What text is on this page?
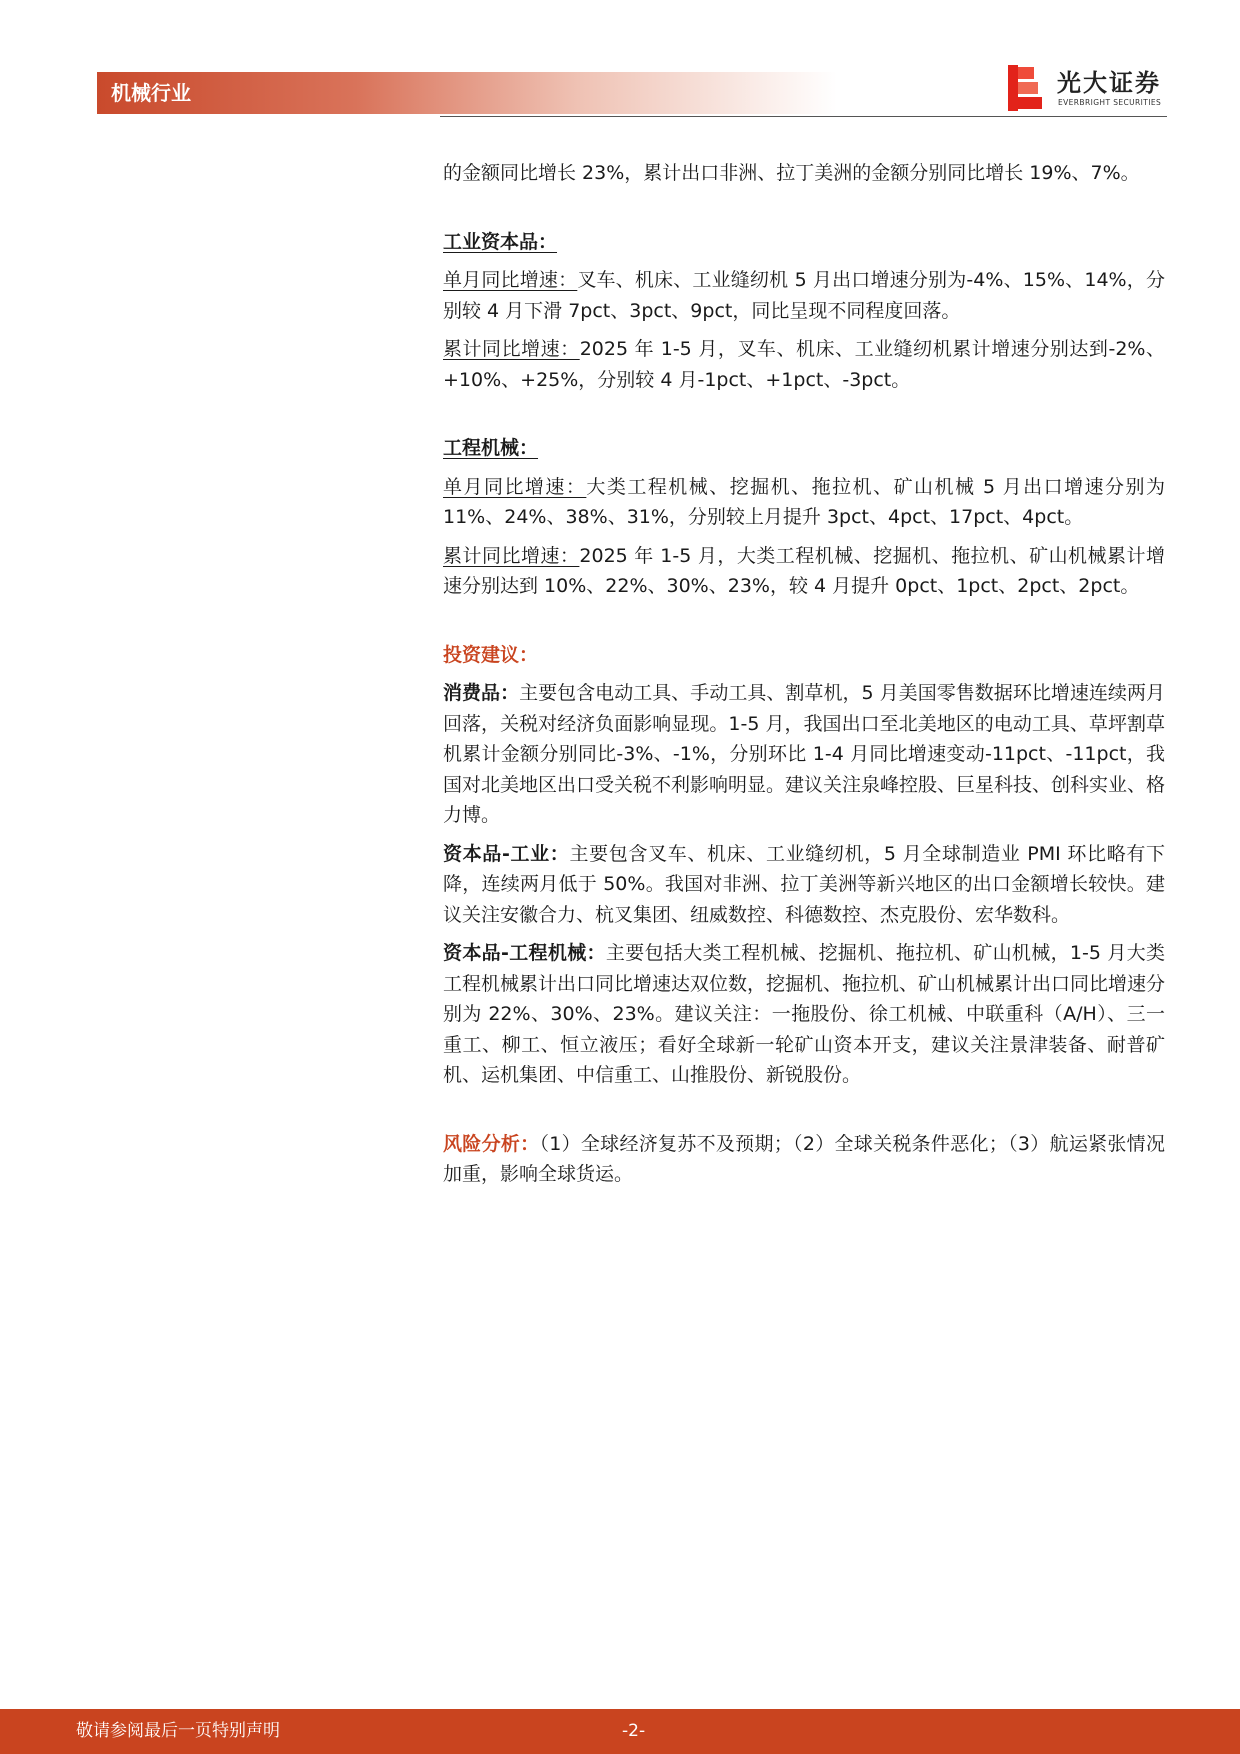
机械行业	光大证券
EVERBRIGHT SECURITIES

的金额同比增长 23%，累计出口非洲、拉丁美洲的金额分别同比增长 19%、7%。

工业资本品：

单月同比增速：叉车、机床、工业缝纫机 5 月出口增速分别为-4%、15%、14%，分别较 4 月下滑 7pct、3pct、9pct，同比呈现不同程度回落。

累计同比增速：2025 年 1-5 月，叉车、机床、工业缝纫机累计增速分别达到-2%、+10%、+25%，分别较 4 月-1pct、+1pct、-3pct。

工程机械：

单月同比增速：大类工程机械、挖掘机、拖拉机、矿山机械 5 月出口增速分别为11%、24%、38%、31%，分别较上月提升 3pct、4pct、17pct、4pct。

累计同比增速：2025 年 1-5 月，大类工程机械、挖掘机、拖拉机、矿山机械累计增速分别达到 10%、22%、30%、23%，较 4 月提升 0pct、1pct、2pct、2pct。

投资建议：

消费品：主要包含电动工具、手动工具、割草机，5 月美国零售数据环比增速连续两月回落，关税对经济负面影响显现。1-5 月，我国出口至北美地区的电动工具、草坪割草机累计金额分别同比-3%、-1%，分别环比 1-4 月同比增速变动-11pct、-11pct，我国对北美地区出口受关税不利影响明显。建议关注泉峰控股、巨星科技、创科实业、格力博。

资本品-工业：主要包含叉车、机床、工业缝纫机，5 月全球制造业 PMI 环比略有下降，连续两月低于 50%。我国对非洲、拉丁美洲等新兴地区的出口金额增长较快。建议关注安徽合力、杭叉集团、纽威数控、科德数控、杰克股份、宏华数科。

资本品-工程机械：主要包括大类工程机械、挖掘机、拖拉机、矿山机械，1-5 月大类工程机械累计出口同比增速达双位数，挖掘机、拖拉机、矿山机械累计出口同比增速分别为 22%、30%、23%。建议关注：一拖股份、徐工机械、中联重科（A/H）、三一重工、柳工、恒立液压；看好全球新一轮矿山资本开支，建议关注景津装备、耐普矿机、运机集团、中信重工、山推股份、新锐股份。

风险分析：（1）全球经济复苏不及预期；（2）全球关税条件恶化；（3）航运紧张情况加重，影响全球货运。

敬请参阅最后一页特别声明	-2-
